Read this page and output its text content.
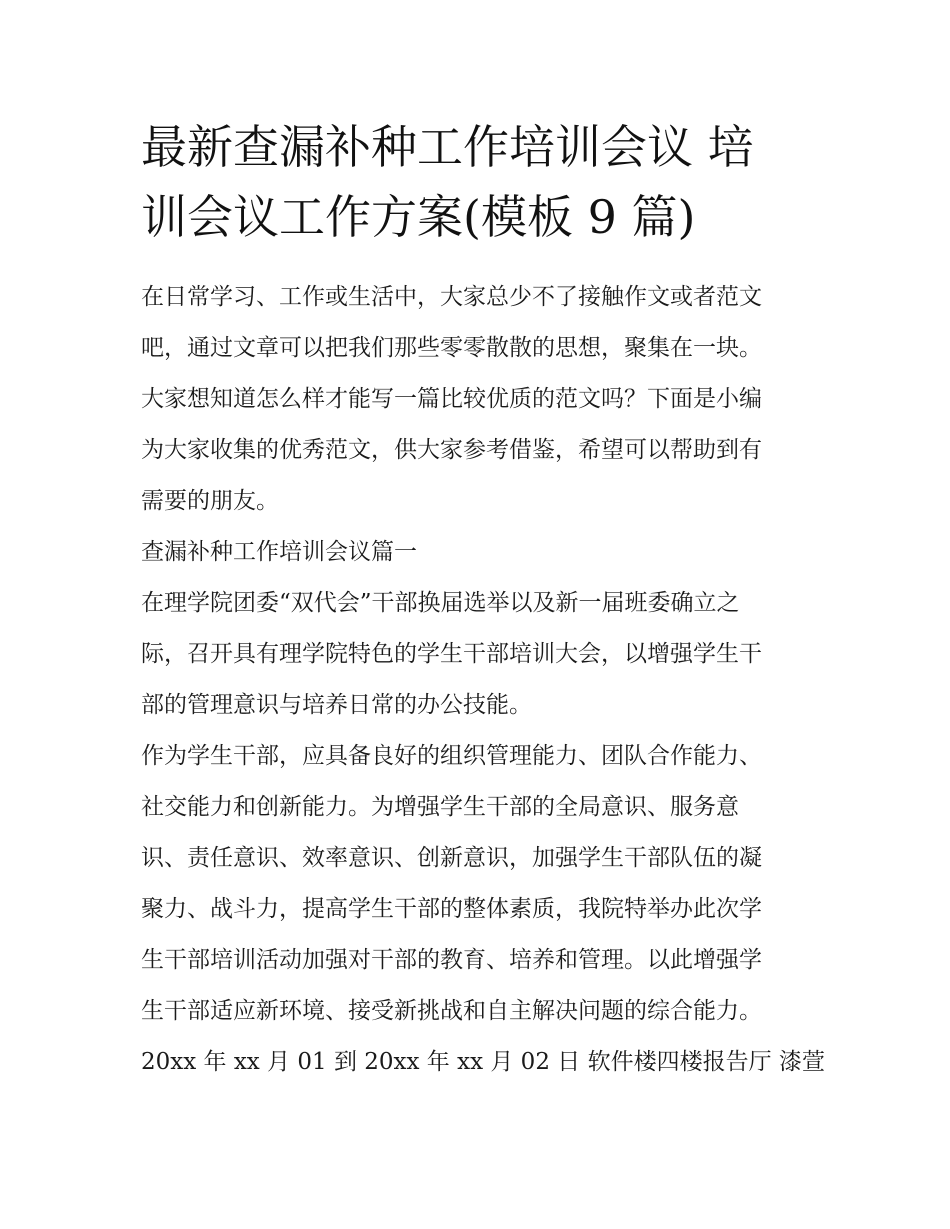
最新查漏补种工作培训会议 培
训会议工作方案(模板 9 篇)
在日常学习、工作或生活中，大家总少不了接触作文或者范文
吧，通过文章可以把我们那些零零散散的思想，聚集在一块。
大家想知道怎么样才能写一篇比较优质的范文吗？下面是小编
为大家收集的优秀范文，供大家参考借鉴，希望可以帮助到有
需要的朋友。
查漏补种工作培训会议篇一
在理学院团委“双代会”干部换届选举以及新一届班委确立之
际，召开具有理学院特色的学生干部培训大会，以增强学生干
部的管理意识与培养日常的办公技能。
作为学生干部，应具备良好的组织管理能力、团队合作能力、
社交能力和创新能力。为增强学生干部的全局意识、服务意
识、责任意识、效率意识、创新意识，加强学生干部队伍的凝
聚力、战斗力，提高学生干部的整体素质，我院特举办此次学
生干部培训活动加强对干部的教育、培养和管理。以此增强学
生干部适应新环境、接受新挑战和自主解决问题的综合能力。
20xx 年 xx 月 01 到 20xx 年 xx 月 02 日 软件楼四楼报告厅 漆萱
